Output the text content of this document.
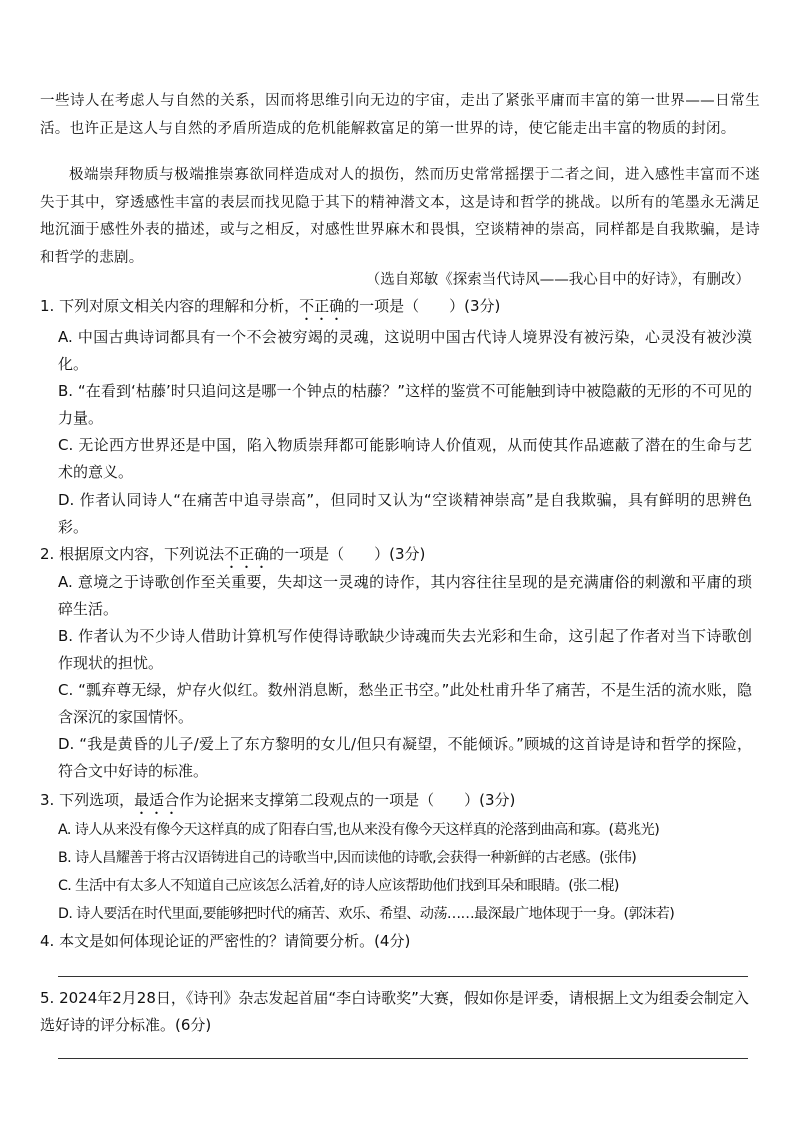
一些诗人在考虑人与自然的关系，因而将思维引向无边的宇宙，走出了紧张平庸而丰富的第一世界——日常生活。也许正是这人与自然的矛盾所造成的危机能解救富足的第一世界的诗，使它能走出丰富的物质的封闭。

极端崇拜物质与极端推崇寡欲同样造成对人的损伤，然而历史常常摇摆于二者之间，进入感性丰富而不迷失于其中，穿透感性丰富的表层而找见隐于其下的精神潜文本，这是诗和哲学的挑战。以所有的笔墨永无满足地沉湎于感性外表的描述，或与之相反，对感性世界麻木和畏惧，空谈精神的崇高，同样都是自我欺骗，是诗和哲学的悲剧。

（选自郑敏《探索当代诗风——我心目中的好诗》，有删改）

1. 下列对原文相关内容的理解和分析，不正确的一项是（　　）(3分)

A. 中国古典诗词都具有一个不会被穷竭的灵魂，这说明中国古代诗人境界没有被污染，心灵没有被沙漠化。

B. “在看到‘枯藤’时只追问这是哪一个钟点的枯藤？”这样的鉴赏不可能触到诗中被隐蔽的无形的不可见的力量。

C. 无论西方世界还是中国，陷入物质崇拜都可能影响诗人价值观，从而使其作品遮蔽了潜在的生命与艺术的意义。

D. 作者认同诗人“在痛苦中追寻崇高”，但同时又认为“空谈精神崇高”是自我欺骗，具有鲜明的思辨色彩。

2. 根据原文内容，下列说法不正确的一项是（　　）(3分)

A. 意境之于诗歌创作至关重要，失却这一灵魂的诗作，其内容往往呈现的是充满庸俗的刺激和平庸的琐碎生活。

B. 作者认为不少诗人借助计算机写作使得诗歌缺少诗魂而失去光彩和生命，这引起了作者对当下诗歌创作现状的担忧。

C. “瓢弃尊无绿，炉存火似红。数州消息断，愁坐正书空。”此处杜甫升华了痛苦，不是生活的流水账，隐含深沉的家国情怀。

D. “我是黄昏的儿子/爱上了东方黎明的女儿/但只有凝望，不能倾诉。”顾城的这首诗是诗和哲学的探险，符合文中好诗的标准。

3. 下列选项，最适合作为论据来支撑第二段观点的一项是（　　）(3分)

A. 诗人从来没有像今天这样真的成了阳春白雪,也从来没有像今天这样真的沦落到曲高和寡。(葛兆光)

B. 诗人昌耀善于将古汉语铸进自己的诗歌当中,因而读他的诗歌,会获得一种新鲜的古老感。(张伟)

C. 生活中有太多人不知道自己应该怎么活着,好的诗人应该帮助他们找到耳朵和眼睛。(张二棍)

D. 诗人要活在时代里面,要能够把时代的痛苦、欢乐、希望、动荡……最深最广地体现于一身。(郭沫若)

4. 本文是如何体现论证的严密性的？请简要分析。(4分)

5. 2024年2月28日，《诗刊》杂志发起首届“李白诗歌奖”大赛，假如你是评委，请根据上文为组委会制定入选好诗的评分标准。(6分)
